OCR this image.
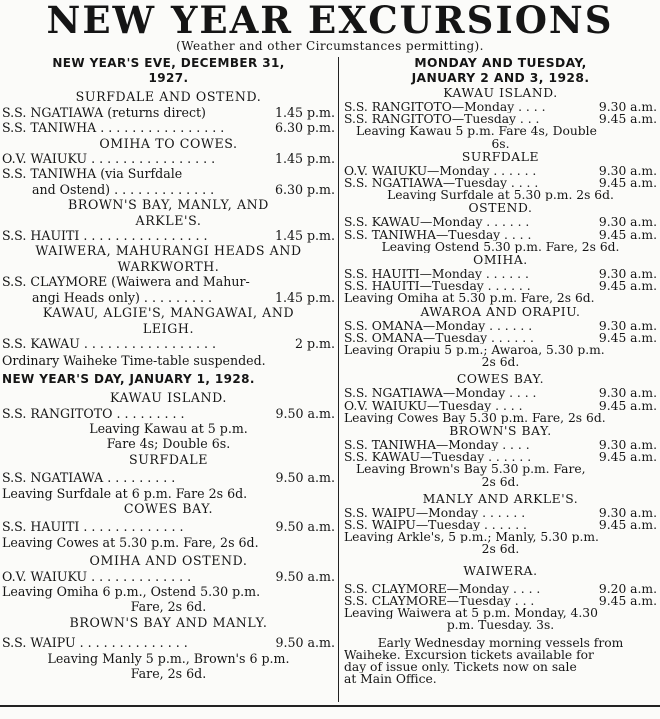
NEW YEAR EXCURSIONS
(Weather and other Circumstances permitting).
NEW YEAR'S EVE, DECEMBER 31,
1927.
SURFDALE AND OSTEND.
S.S. NGATIAWA (returns direct)	1.45 p.m.
S.S. TANIWHA . . . . . . . . . . . . . . . .	6.30 p.m.
OMIHA TO COWES.
O.V. WAIUKU . . . . . . . . . . . . . . . .	1.45 p.m.
S.S. TANIWHA (via Surfdale
and Ostend) . . . . . . . . . . . . .	6.30 p.m.
BROWN'S BAY, MANLY, AND
ARKLE'S.
S.S. HAUITI . . . . . . . . . . . . . . . .	1.45 p.m.
WAIWERA, MAHURANGI HEADS AND
WARKWORTH.
S.S. CLAYMORE (Waiwera and Mahur-
angi Heads only) . . . . . . . . .	1.45 p.m.
KAWAU, ALGIE'S, MANGAWAI, AND
LEIGH.
S.S. KAWAU . . . . . . . . . . . . . . . . .	2 p.m.
Ordinary Waiheke Time-table suspended.
NEW YEAR'S DAY, JANUARY 1, 1928.
KAWAU ISLAND.
S.S. RANGITOTO . . . . . . . . .	9.50 a.m.
Leaving Kawau at 5 p.m.
Fare 4s; Double 6s.
SURFDALE
S.S. NGATIAWA . . . . . . . . .	9.50 a.m.
Leaving Surfdale at 6 p.m. Fare 2s 6d.
COWES BAY.
S.S. HAUITI . . . . . . . . . . . . .	9.50 a.m.
Leaving Cowes at 5.30 p.m. Fare, 2s 6d.
OMIHA AND OSTEND.
O.V. WAIUKU . . . . . . . . . . . . .	9.50 a.m.
Leaving Omiha 6 p.m., Ostend 5.30 p.m.
Fare, 2s 6d.
BROWN'S BAY AND MANLY.
S.S. WAIPU . . . . . . . . . . . . . .	9.50 a.m.
Leaving Manly 5 p.m., Brown's 6 p.m.
Fare, 2s 6d.
MONDAY AND TUESDAY,
JANUARY 2 AND 3, 1928.
KAWAU ISLAND.
S.S. RANGITOTO—Monday . . . .	9.30 a.m.
S.S. RANGITOTO—Tuesday . . .	9.45 a.m.
Leaving Kawau 5 p.m. Fare 4s, Double
6s.
SURFDALE
O.V. WAIUKU—Monday . . . . . .	9.30 a.m.
S.S. NGATIAWA—Tuesday . . . .	9.45 a.m.
Leaving Surfdale at 5.30 p.m. 2s 6d.
OSTEND.
S.S. KAWAU—Monday . . . . . .	9.30 a.m.
S.S. TANIWHA—Tuesday . . . .	9.45 a.m.
Leaving Ostend 5.30 p.m. Fare, 2s 6d.
OMIHA.
S.S. HAUITI—Monday . . . . . .	9.30 a.m.
S.S. HAUITI—Tuesday . . . . . .	9.45 a.m.
Leaving Omiha at 5.30 p.m. Fare, 2s 6d.
AWAROA AND ORAPIU.
S.S. OMANA—Monday . . . . . .	9.30 a.m.
S.S. OMANA—Tuesday . . . . . .	9.45 a.m.
Leaving Orapiu 5 p.m.; Awaroa, 5.30 p.m.
2s 6d.
COWES BAY.
S.S. NGATIAWA—Monday . . . .	9.30 a.m.
O.V. WAIUKU—Tuesday . . . .	9.45 a.m.
Leaving Cowes Bay 5.30 p.m. Fare, 2s 6d.
BROWN'S BAY.
S.S. TANIWHA—Monday . . . .	9.30 a.m.
S.S. KAWAU—Tuesday . . . . . .	9.45 a.m.
Leaving Brown's Bay 5.30 p.m. Fare,
2s 6d.
MANLY AND ARKLE'S.
S.S. WAIPU—Monday . . . . . .	9.30 a.m.
S.S. WAIPU—Tuesday . . . . . .	9.45 a.m.
Leaving Arkle's, 5 p.m.; Manly, 5.30 p.m.
2s 6d.
WAIWERA.
S.S. CLAYMORE—Monday . . . .	9.20 a.m.
S.S. CLAYMORE—Tuesday . . .	9.45 a.m.
Leaving Waiwera at 5 p.m. Monday, 4.30
p.m. Tuesday. 3s.
Early Wednesday morning vessels from
Waiheke. Excursion tickets available for
day of issue only. Tickets now on sale
at Main Office.
